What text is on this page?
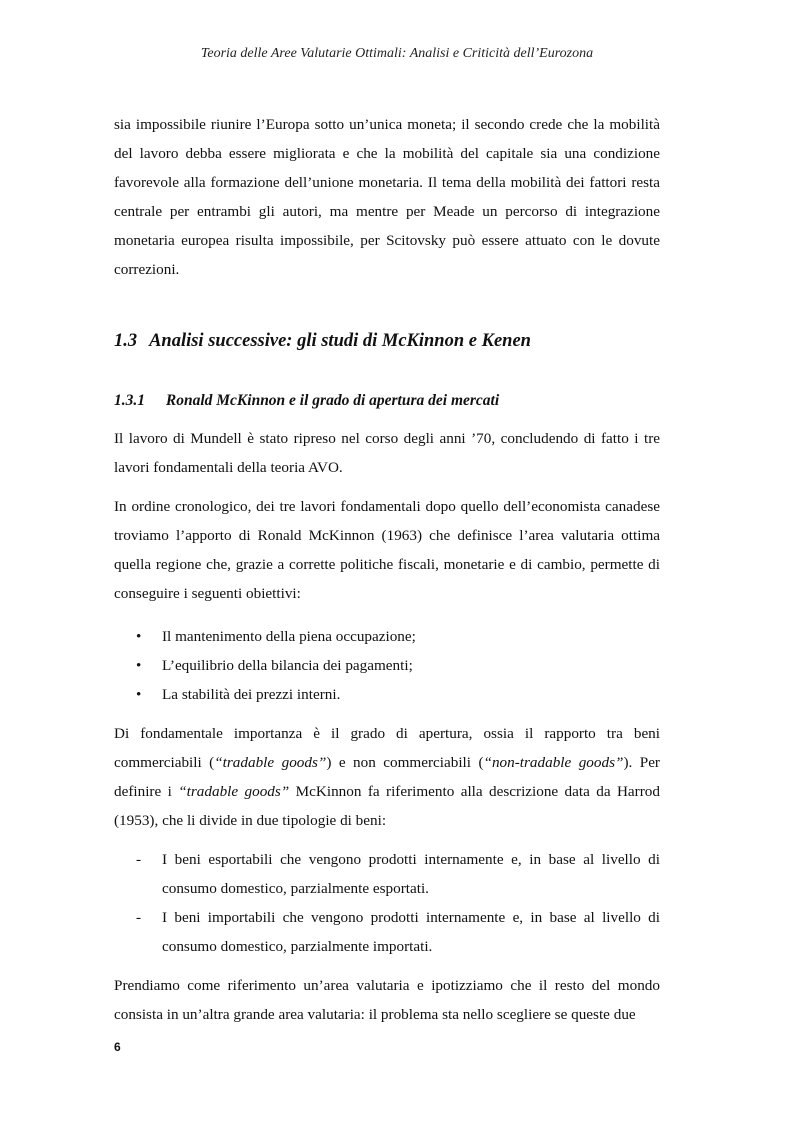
Teoria delle Aree Valutarie Ottimali: Analisi e Criticità dell’Eurozona

sia impossibile riunire l’Europa sotto un’unica moneta; il secondo crede che la mobilità del lavoro debba essere migliorata e che la mobilità del capitale sia una condizione favorevole alla formazione dell’unione monetaria. Il tema della mobilità dei fattori resta centrale per entrambi gli autori, ma mentre per Meade un percorso di integrazione monetaria europea risulta impossibile, per Scitovsky può essere attuato con le dovute correzioni.

1.3 Analisi successive: gli studi di McKinnon e Kenen
1.3.1 Ronald McKinnon e il grado di apertura dei mercati

Il lavoro di Mundell è stato ripreso nel corso degli anni ’70, concludendo di fatto i tre lavori fondamentali della teoria AVO.

In ordine cronologico, dei tre lavori fondamentali dopo quello dell’economista canadese troviamo l’apporto di Ronald McKinnon (1963) che definisce l’area valutaria ottima quella regione che, grazie a corrette politiche fiscali, monetarie e di cambio, permette di conseguire i seguenti obiettivi:

• Il mantenimento della piena occupazione;
• L’equilibrio della bilancia dei pagamenti;
• La stabilità dei prezzi interni.

Di fondamentale importanza è il grado di apertura, ossia il rapporto tra beni commerciabili (“tradable goods”) e non commerciabili (“non-tradable goods”). Per definire i “tradable goods” McKinnon fa riferimento alla descrizione data da Harrod (1953), che li divide in due tipologie di beni:

- I beni esportabili che vengono prodotti internamente e, in base al livello di consumo domestico, parzialmente esportati.
- I beni importabili che vengono prodotti internamente e, in base al livello di consumo domestico, parzialmente importati.

Prendiamo come riferimento un’area valutaria e ipotizziamo che il resto del mondo consista in un’altra grande area valutaria: il problema sta nello scegliere se queste due

6
